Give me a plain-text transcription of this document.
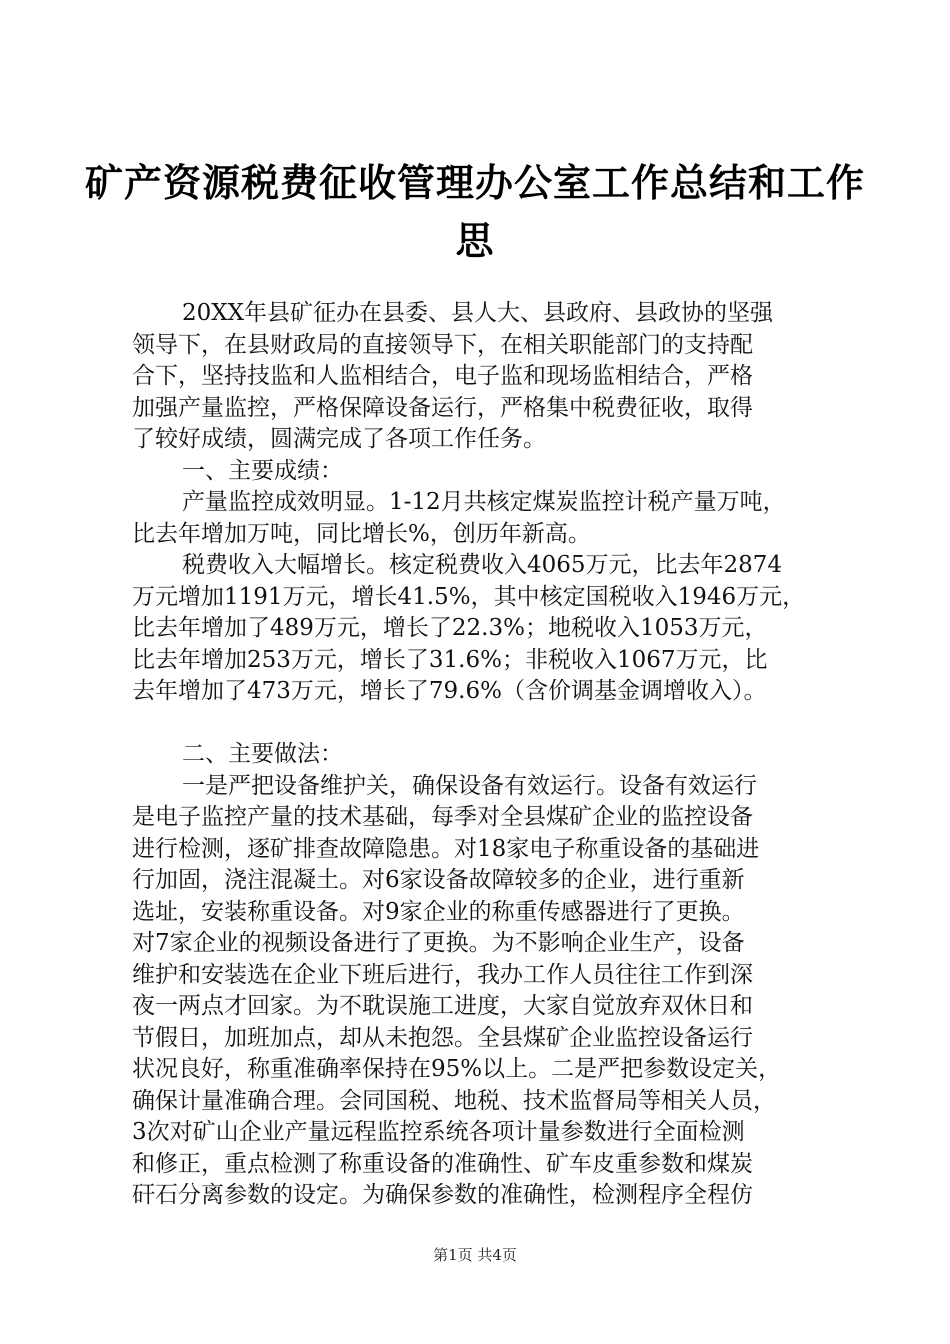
矿产资源税费征收管理办公室工作总结和工作
思
20XX年县矿征办在县委、县人大、县政府、县政协的坚强
领导下，在县财政局的直接领导下，在相关职能部门的支持配
合下，坚持技监和人监相结合，电子监和现场监相结合，严格
加强产量监控，严格保障设备运行，严格集中税费征收，取得
了较好成绩，圆满完成了各项工作任务。
一、主要成绩：
产量监控成效明显。1-12月共核定煤炭监控计税产量万吨，
比去年增加万吨，同比增长%，创历年新高。
税费收入大幅增长。核定税费收入4065万元，比去年2874
万元增加1191万元，增长41.5%，其中核定国税收入1946万元，
比去年增加了489万元，增长了22.3%；地税收入1053万元，
比去年增加253万元，增长了31.6%；非税收入1067万元，比
去年增加了473万元，增长了79.6%（含价调基金调增收入）。
二、主要做法：
一是严把设备维护关，确保设备有效运行。设备有效运行
是电子监控产量的技术基础，每季对全县煤矿企业的监控设备
进行检测，逐矿排查故障隐患。对18家电子称重设备的基础进
行加固，浇注混凝土。对6家设备故障较多的企业，进行重新
选址，安装称重设备。对9家企业的称重传感器进行了更换。
对7家企业的视频设备进行了更换。为不影响企业生产，设备
维护和安装选在企业下班后进行，我办工作人员往往工作到深
夜一两点才回家。为不耽误施工进度，大家自觉放弃双休日和
节假日，加班加点，却从未抱怨。全县煤矿企业监控设备运行
状况良好，称重准确率保持在95%以上。二是严把参数设定关，
确保计量准确合理。会同国税、地税、技术监督局等相关人员，
3次对矿山企业产量远程监控系统各项计量参数进行全面检测
和修正，重点检测了称重设备的准确性、矿车皮重参数和煤炭
矸石分离参数的设定。为确保参数的准确性，检测程序全程仿
第1页 共4页
